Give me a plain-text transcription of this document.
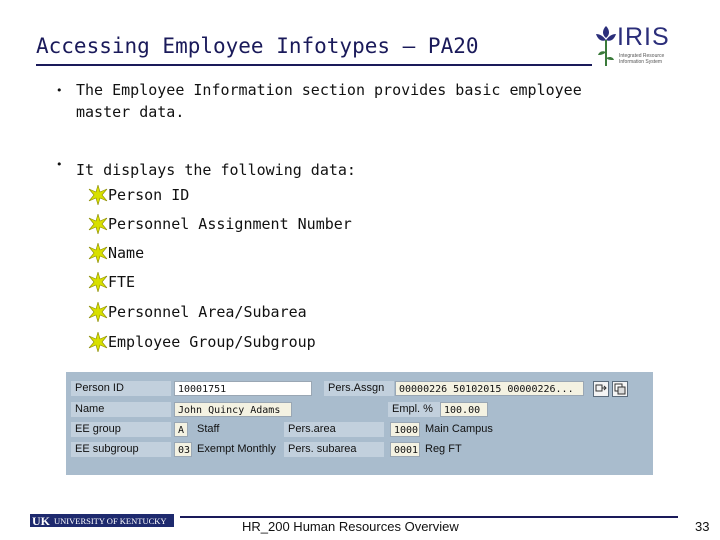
Accessing Employee Infotypes – PA20	IRIS
Integrated Resource
Information System
• The Employee Information section provides basic employee master data.
• It displays the following data:
Person ID
Personnel Assignment Number
Name
FTE
Personnel Area/Subarea
Employee Group/Subgroup
Person ID	10001751	Pers.Assgn	00000226 50102015 00000226...
Name	John Quincy Adams	Empl. %	100.00
EE group	A	Staff	Pers.area	1000 Main Campus
EE subgroup	03 Exempt Monthly	Pers. subarea	0001 Reg FT
UK UNIVERSITY OF KENTUCKY	HR_200 Human Resources Overview	33
